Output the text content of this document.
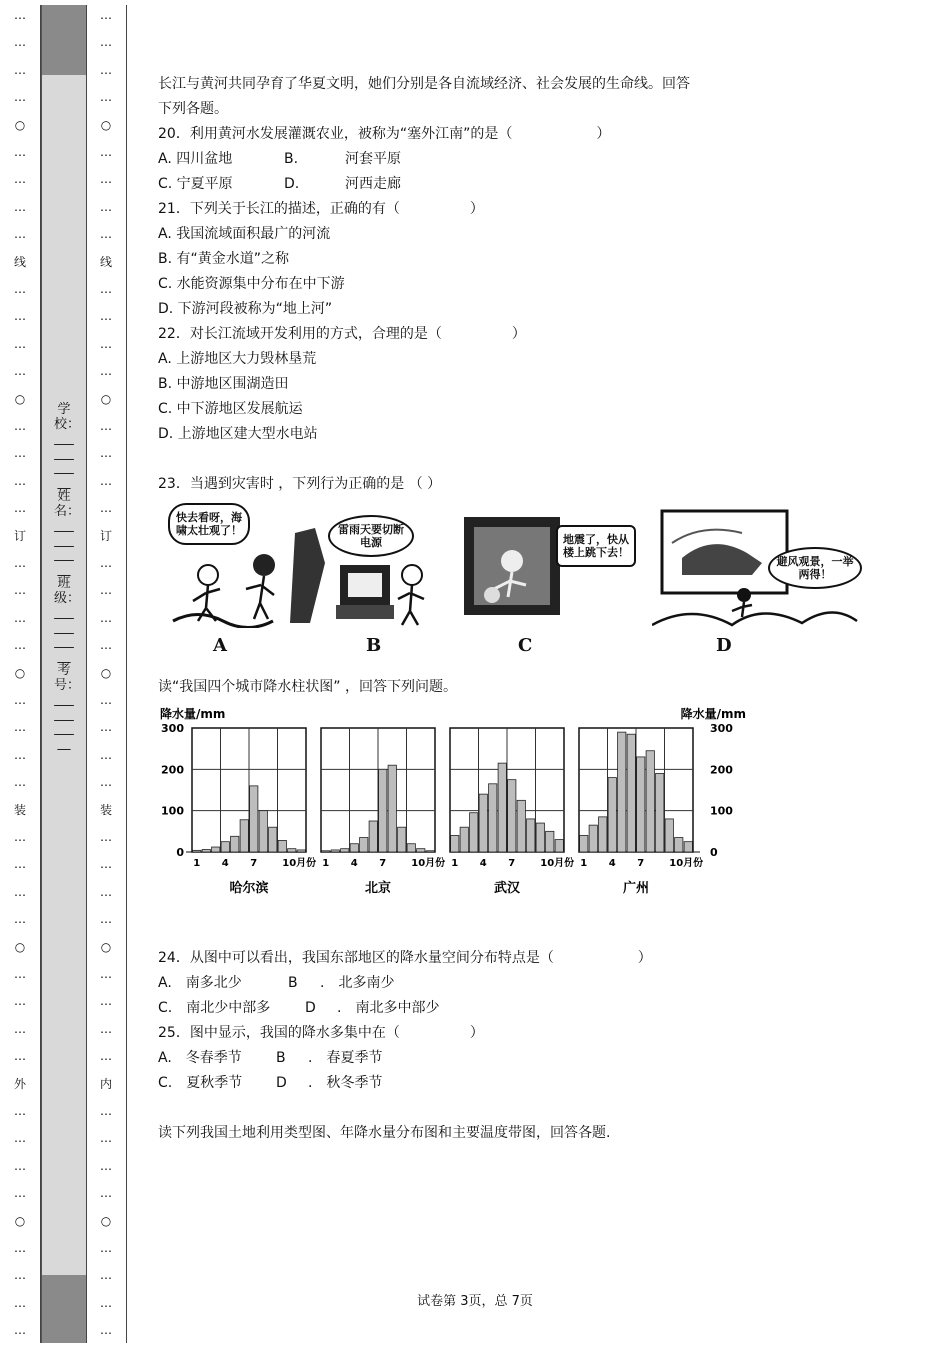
学校：___________姓名：___________班级：___________考号：___________
…
…
…
…
○
…
…
…
…
线
…
…
…
…
○
…
…
…
…
订
…
…
…
…
○
…
…
…
…
装
…
…
…
…
○
…
…
…
…
外
…
…
…
…
○
…
…
…
…
…
…
…
…
○
…
…
…
…
线
…
…
…
…
○
…
…
…
…
订
…
…
…
…
○
…
…
…
…
装
…
…
…
…
○
…
…
…
…
内
…
…
…
…
○
…
…
…
…
长江与黄河共同孕育了华夏文明，她们分别是各自流域经济、社会发展的生命线。回答
下列各题。
20．利用黄河水发展灌溉农业，被称为“塞外江南”的是（　　　　　　）
A. 四川盆地	B.	河套平原
C. 宁夏平原	D.	河西走廊
21．下列关于长江的描述，正确的有（　　　　　）
A. 我国流域面积最广的河流
B. 有“黄金水道”之称
C. 水能资源集中分布在中下游
D. 下游河段被称为“地上河”
22．对长江流域开发利用的方式，合理的是（　　　　　）
A. 上游地区大力毁林垦荒
B. 中游地区围湖造田
C. 中下游地区发展航运
D. 上游地区建大型水电站
23．当遇到灾害时 ，下列行为正确的是 （ ）
快去看呀，海啸太壮观了！
A
雷雨天要切断电源
B
地震了，快从楼上跳下去！
C
避风观景，一举两得！
D
读“我国四个城市降水柱状图” ，回答下列问题。
降水量/mm	降水量/mm
0	0
100	100
200	200
300	300
1 4 7	10月份
哈尔滨
1 4 7	10月份
北京
1 4 7	10月份
武汉
1 4 7	10月份
广州
24．从图中可以看出，我国东部地区的降水量空间分布特点是（　　　　　　）
A.　南多北少	B	.　北多南少
C.　南北少中部多	D	.　南北多中部少
25．图中显示，我国的降水多集中在（　　　　　）
A.　冬春季节	B	.　春夏季节
C.　夏秋季节	D	.　秋冬季节
读下列我国土地利用类型图、年降水量分布图和主要温度带图，回答各题.
试卷第 3页，总 7页
